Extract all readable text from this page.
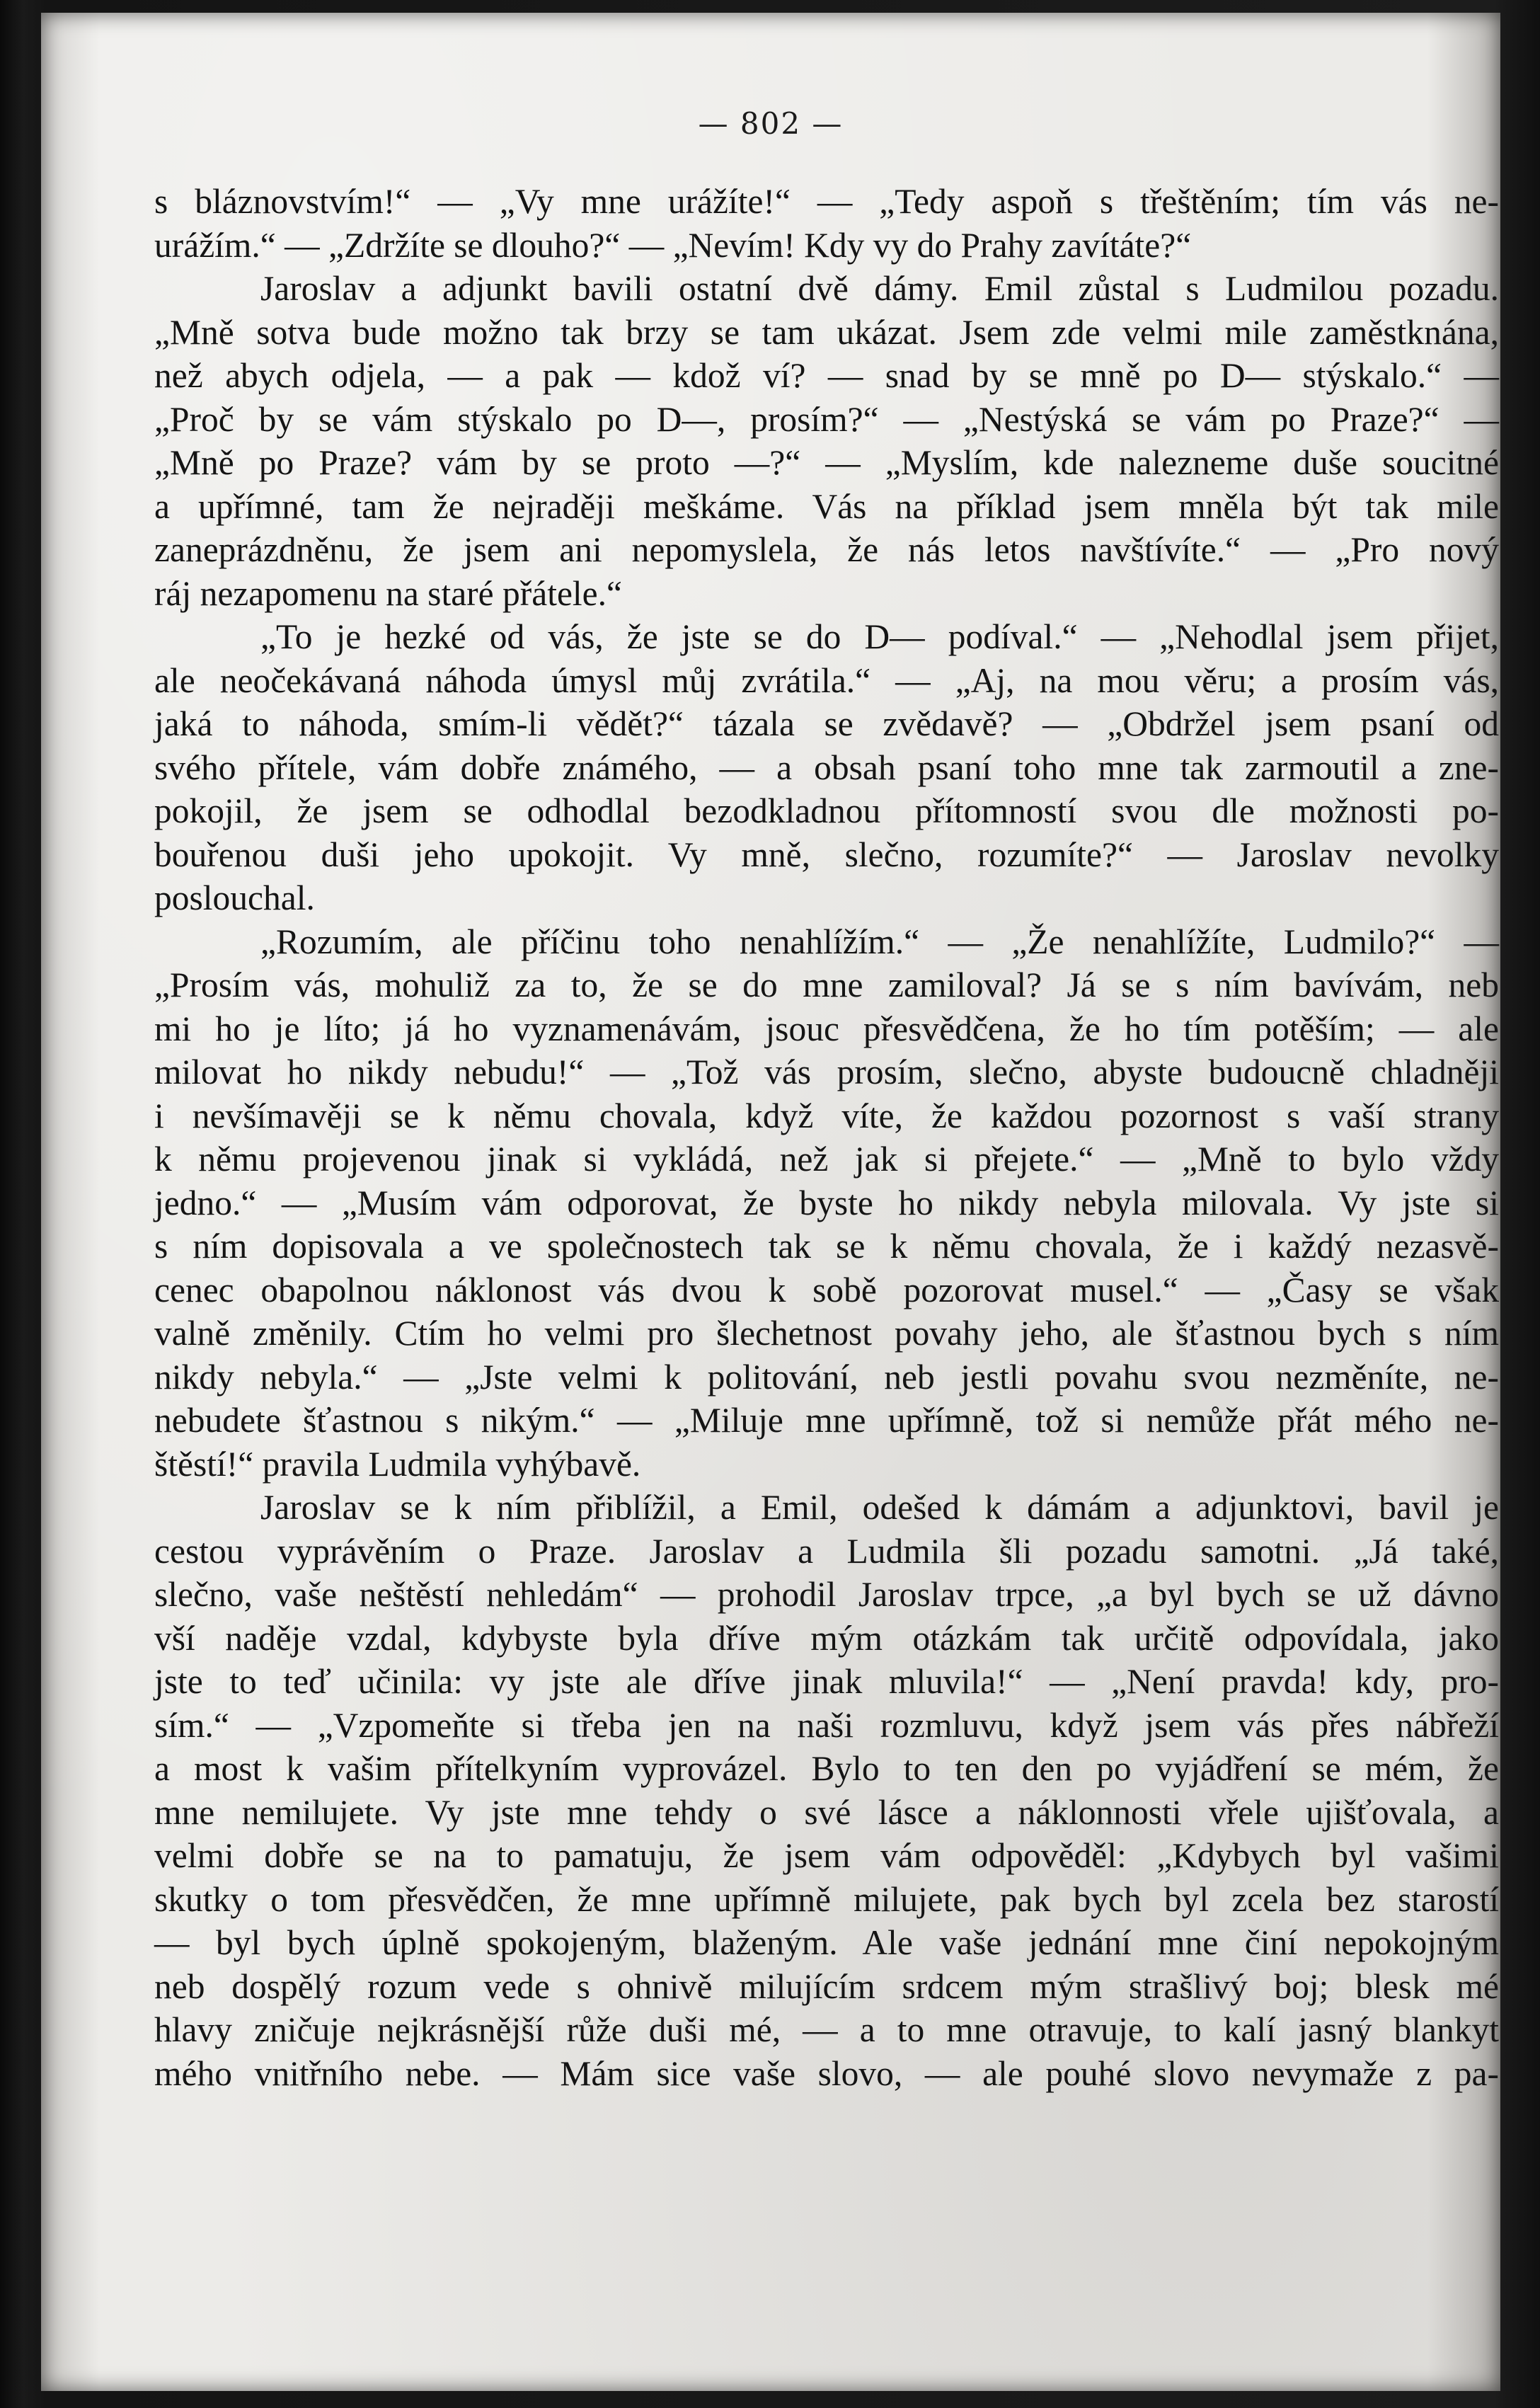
— 802 —
s bláznovstvím!“ — „Vy mne urážíte!“ — „Tedy aspoň s třeštěním; tím vás ne-
urážím.“ — „Zdržíte se dlouho?“ — „Nevím! Kdy vy do Prahy zavítáte?“
Jaroslav a adjunkt bavili ostatní dvě dámy. Emil zůstal s Ludmilou pozadu.
„Mně sotva bude možno tak brzy se tam ukázat. Jsem zde velmi mile zaměstknána,
než abych odjela, — a pak — kdož ví? — snad by se mně po D— stýskalo.“ —
„Proč by se vám stýskalo po D—, prosím?“ — „Nestýská se vám po Praze?“ —
„Mně po Praze? vám by se proto —?“ — „Myslím, kde nalezneme duše soucitné
a upřímné, tam že nejraději meškáme. Vás na příklad jsem mněla být tak mile
zaneprázdněnu, že jsem ani nepomyslela, že nás letos navštívíte.“ — „Pro nový
ráj nezapomenu na staré přátele.“
„To je hezké od vás, že jste se do D— podíval.“ — „Nehodlal jsem přijet,
ale neočekávaná náhoda úmysl můj zvrátila.“ — „Aj, na mou věru; a prosím vás,
jaká to náhoda, smím-li vědět?“ tázala se zvědavě? — „Obdržel jsem psaní od
svého přítele, vám dobře známého, — a obsah psaní toho mne tak zarmoutil a zne-
pokojil, že jsem se odhodlal bezodkladnou přítomností svou dle možnosti po-
bouřenou duši jeho upokojit. Vy mně, slečno, rozumíte?“ — Jaroslav nevolky
poslouchal.
„Rozumím, ale příčinu toho nenahlížím.“ — „Že nenahlížíte, Ludmilo?“ —
„Prosím vás, mohuliž za to, že se do mne zamiloval? Já se s ním bavívám, neb
mi ho je líto; já ho vyznamenávám, jsouc přesvědčena, že ho tím potěším; — ale
milovat ho nikdy nebudu!“ — „Tož vás prosím, slečno, abyste budoucně chladněji
i nevšímavěji se k němu chovala, když víte, že každou pozornost s vaší strany
k němu projevenou jinak si vykládá, než jak si přejete.“ — „Mně to bylo vždy
jedno.“ — „Musím vám odporovat, že byste ho nikdy nebyla milovala. Vy jste si
s ním dopisovala a ve společnostech tak se k němu chovala, že i každý nezasvě-
cenec obapolnou náklonost vás dvou k sobě pozorovat musel.“ — „Časy se však
valně změnily. Ctím ho velmi pro šlechetnost povahy jeho, ale šťastnou bych s ním
nikdy nebyla.“ — „Jste velmi k politování, neb jestli povahu svou nezměníte, ne-
nebudete šťastnou s nikým.“ — „Miluje mne upřímně, tož si nemůže přát mého ne-
štěstí!“ pravila Ludmila vyhýbavě.
Jaroslav se k ním přiblížil, a Emil, odešed k dámám a adjunktovi, bavil je
cestou vyprávěním o Praze. Jaroslav a Ludmila šli pozadu samotni. „Já také,
slečno, vaše neštěstí nehledám“ — prohodil Jaroslav trpce, „a byl bych se už dávno
vší naděje vzdal, kdybyste byla dříve mým otázkám tak určitě odpovídala, jako
jste to teď učinila: vy jste ale dříve jinak mluvila!“ — „Není pravda! kdy, pro-
sím.“ — „Vzpomeňte si třeba jen na naši rozmluvu, když jsem vás přes nábřeží
a most k vašim přítelkyním vyprovázel. Bylo to ten den po vyjádření se mém, že
mne nemilujete. Vy jste mne tehdy o své lásce a náklonnosti vřele ujišťovala, a
velmi dobře se na to pamatuju, že jsem vám odpověděl: „Kdybych byl vašimi
skutky o tom přesvědčen, že mne upřímně milujete, pak bych byl zcela bez starostí
— byl bych úplně spokojeným, blaženým. Ale vaše jednání mne činí nepokojným
neb dospělý rozum vede s ohnivě milujícím srdcem mým strašlivý boj; blesk mé
hlavy zničuje nejkrásnější růže duši mé, — a to mne otravuje, to kalí jasný blankyt
mého vnitřního nebe. — Mám sice vaše slovo, — ale pouhé slovo nevymaže z pa-
